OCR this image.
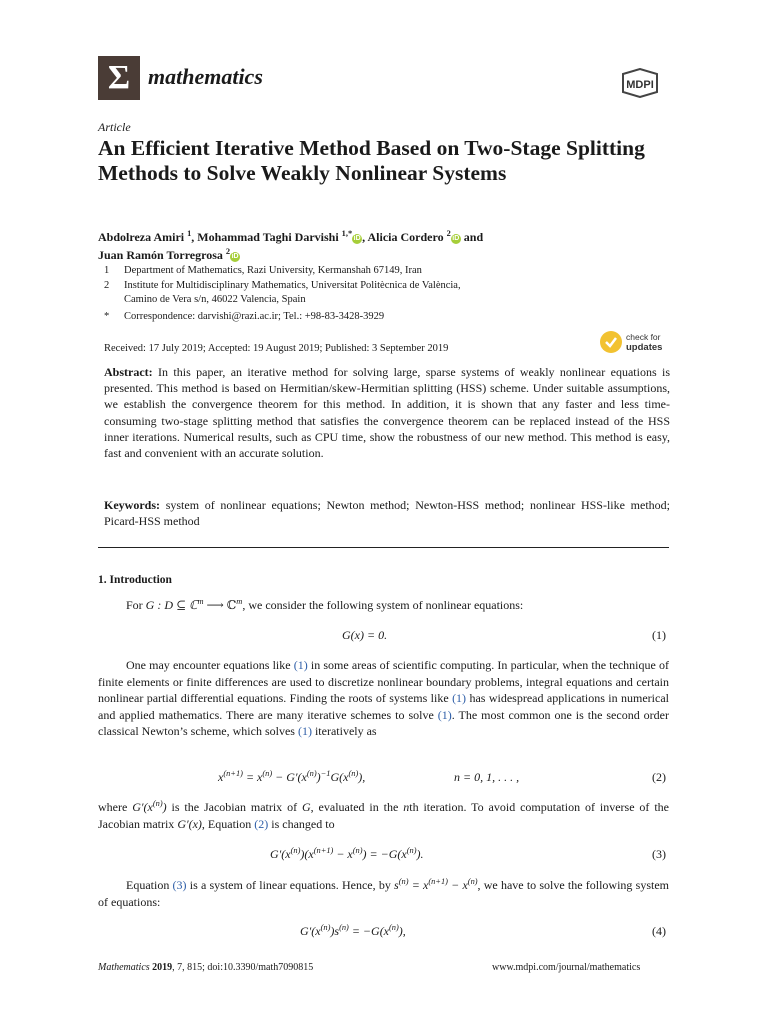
Σ mathematics	MDPI
Article
An Efficient Iterative Method Based on Two-Stage Splitting Methods to Solve Weakly Nonlinear Systems
Abdolreza Amiri $^1$, Mohammad Taghi Darvishi $^{1,*}$iD , Alicia Cordero $^2$iD and
Juan Ramón Torregrosa $^2$iD
1 Department of Mathematics, Razi University, Kermanshah 67149, Iran
2 Institute for Multidisciplinary Mathematics, Universitat Politècnica de València,
Camino de Vera s/n, 46022 Valencia, Spain
* Correspondence: darvishi@razi.ac.ir; Tel.: +98-83-3428-3929
Received: 17 July 2019; Accepted: 19 August 2019; Published: 3 September 2019
check for
updates
Abstract: In this paper, an iterative method for solving large, sparse systems of weakly nonlinear equations is presented. This method is based on Hermitian/skew-Hermitian splitting (HSS) scheme. Under suitable assumptions, we establish the convergence theorem for this method. In addition, it is shown that any faster and less time-consuming two-stage splitting method that satisfies the convergence theorem can be replaced instead of the HSS inner iterations. Numerical results, such as CPU time, show the robustness of our new method. This method is easy, fast and convenient with an accurate solution.
Keywords: system of nonlinear equations; Newton method; Newton-HSS method; nonlinear HSS-like method; Picard-HSS method
1. Introduction
For G : D ⊆ ℂ$^m$ ⟶ ℂ$^m$, we consider the following system of nonlinear equations:
G(x) = 0.	(1)
One may encounter equations like (1) in some areas of scientific computing. In particular, when the technique of finite elements or finite differences are used to discretize nonlinear boundary problems, integral equations and certain nonlinear partial differential equations. Finding the roots of systems like (1) has widespread applications in numerical and applied mathematics. There are many iterative schemes to solve (1). The most common one is the second order classical Newton’s scheme, which solves (1) iteratively as
$x^{(n+1)} = x^{(n)} - G'(x^{(n)})^{-1}G(x^{(n)})$,	n = 0, 1, . . . ,	(2)
where $G'(x^{(n)})$ is the Jacobian matrix of G, evaluated in the nth iteration. To avoid computation of inverse of the Jacobian matrix G′(x), Equation (2) is changed to
$G'(x^{(n)})(x^{(n+1)} - x^{(n)}) = -G(x^{(n)})$.	(3)
Equation (3) is a system of linear equations. Hence, by $s^{(n)} = x^{(n+1)} - x^{(n)}$, we have to solve the following system of equations:
$G'(x^{(n)})s^{(n)} = -G(x^{(n)})$,	(4)
Mathematics 2019, 7, 815; doi:10.3390/math7090815	www.mdpi.com/journal/mathematics
